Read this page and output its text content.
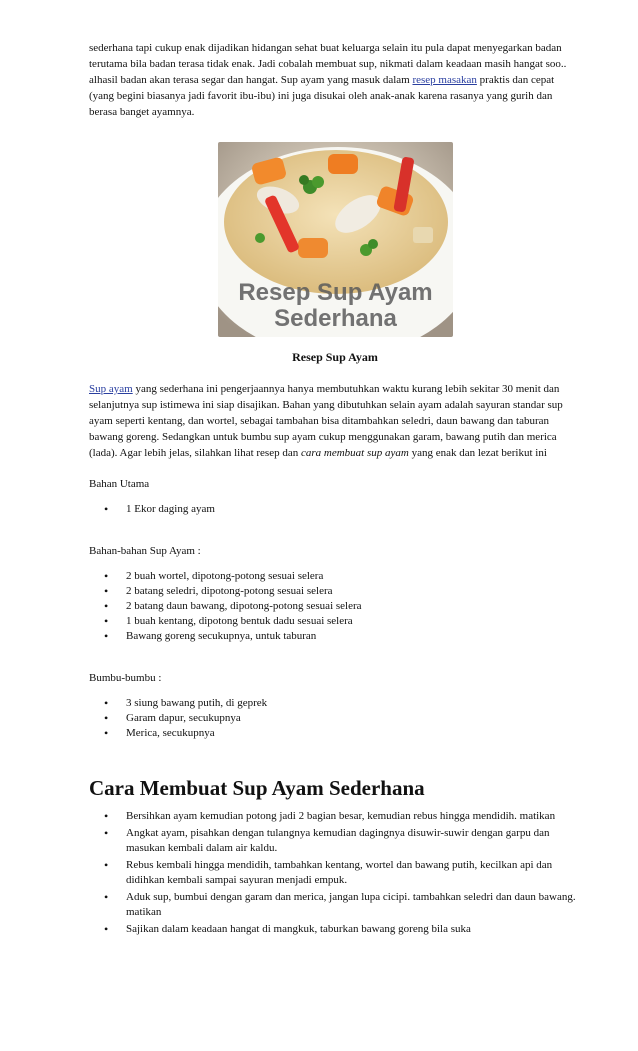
sederhana tapi cukup enak dijadikan hidangan sehat buat keluarga selain itu pula dapat menyegarkan badan terutama bila badan terasa tidak enak. Jadi cobalah membuat sup, nikmati dalam keadaan masih hangat soo.. alhasil badan akan terasa segar dan hangat. Sup ayam yang masuk dalam resep masakan praktis dan cepat (yang begini biasanya jadi favorit ibu-ibu) ini juga disukai oleh anak-anak karena rasanya yang gurih dan berasa banget ayamnya.

Resep Sup Ayam
Sederhana
Resep Sup Ayam

Sup ayam yang sederhana ini pengerjaannya hanya membutuhkan waktu kurang lebih sekitar 30 menit dan selanjutnya sup istimewa ini siap disajikan. Bahan yang dibutuhkan selain ayam adalah sayuran standar sup ayam seperti kentang, dan wortel, sebagai tambahan bisa ditambahkan seledri, daun bawang dan taburan bawang goreng. Sedangkan untuk bumbu sup ayam cukup menggunakan garam, bawang putih dan merica (lada). Agar lebih jelas, silahkan lihat resep dan cara membuat sup ayam yang enak dan lezat berikut ini

Bahan Utama
• 1 Ekor daging ayam
Bahan-bahan Sup Ayam :
• 2 buah wortel, dipotong-potong sesuai selera
• 2 batang seledri, dipotong-potong sesuai selera
• 2 batang daun bawang, dipotong-potong sesuai selera
• 1 buah kentang, dipotong bentuk dadu sesuai selera
• Bawang goreng secukupnya, untuk taburan
Bumbu-bumbu :
• 3 siung bawang putih, di geprek
• Garam dapur, secukupnya
• Merica, secukupnya
Cara Membuat Sup Ayam Sederhana
• Bersihkan ayam kemudian potong jadi 2 bagian besar, kemudian rebus hingga mendidih. matikan
• Angkat ayam, pisahkan dengan tulangnya kemudian dagingnya disuwir-suwir dengan garpu dan masukan kembali dalam air kaldu.
• Rebus kembali hingga mendidih, tambahkan kentang, wortel dan bawang putih, kecilkan api dan didihkan kembali sampai sayuran menjadi empuk.
• Aduk sup, bumbui dengan garam dan merica, jangan lupa cicipi. tambahkan seledri dan daun bawang. matikan
• Sajikan dalam keadaan hangat di mangkuk, taburkan bawang goreng bila suka
